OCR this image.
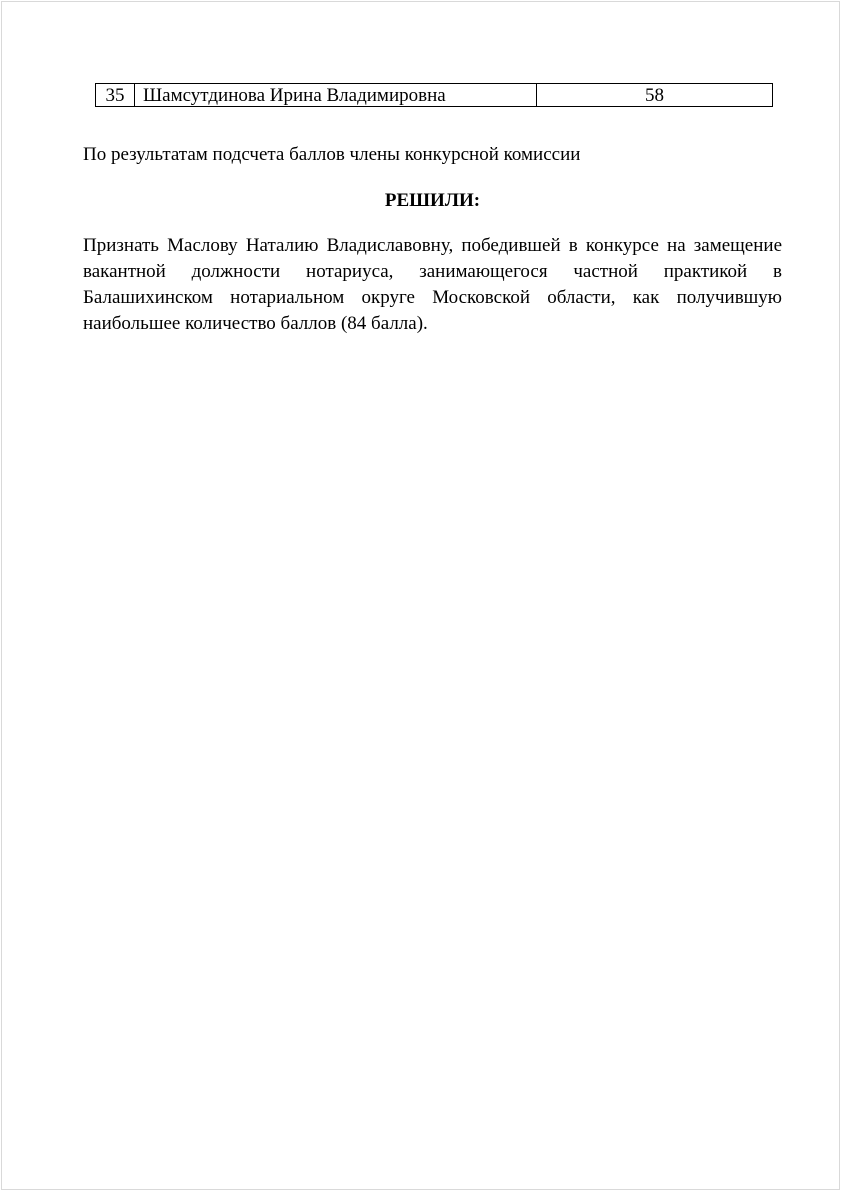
35	Шамсутдинова Ирина Владимировна	58

По результатам подсчета баллов члены конкурсной комиссии

РЕШИЛИ:

Признать Маслову Наталию Владиславовну, победившей в конкурсе на замещение вакантной должности нотариуса, занимающегося частной практикой в Балашихинском нотариальном округе Московской области, как получившую наибольшее количество баллов (84 балла).
